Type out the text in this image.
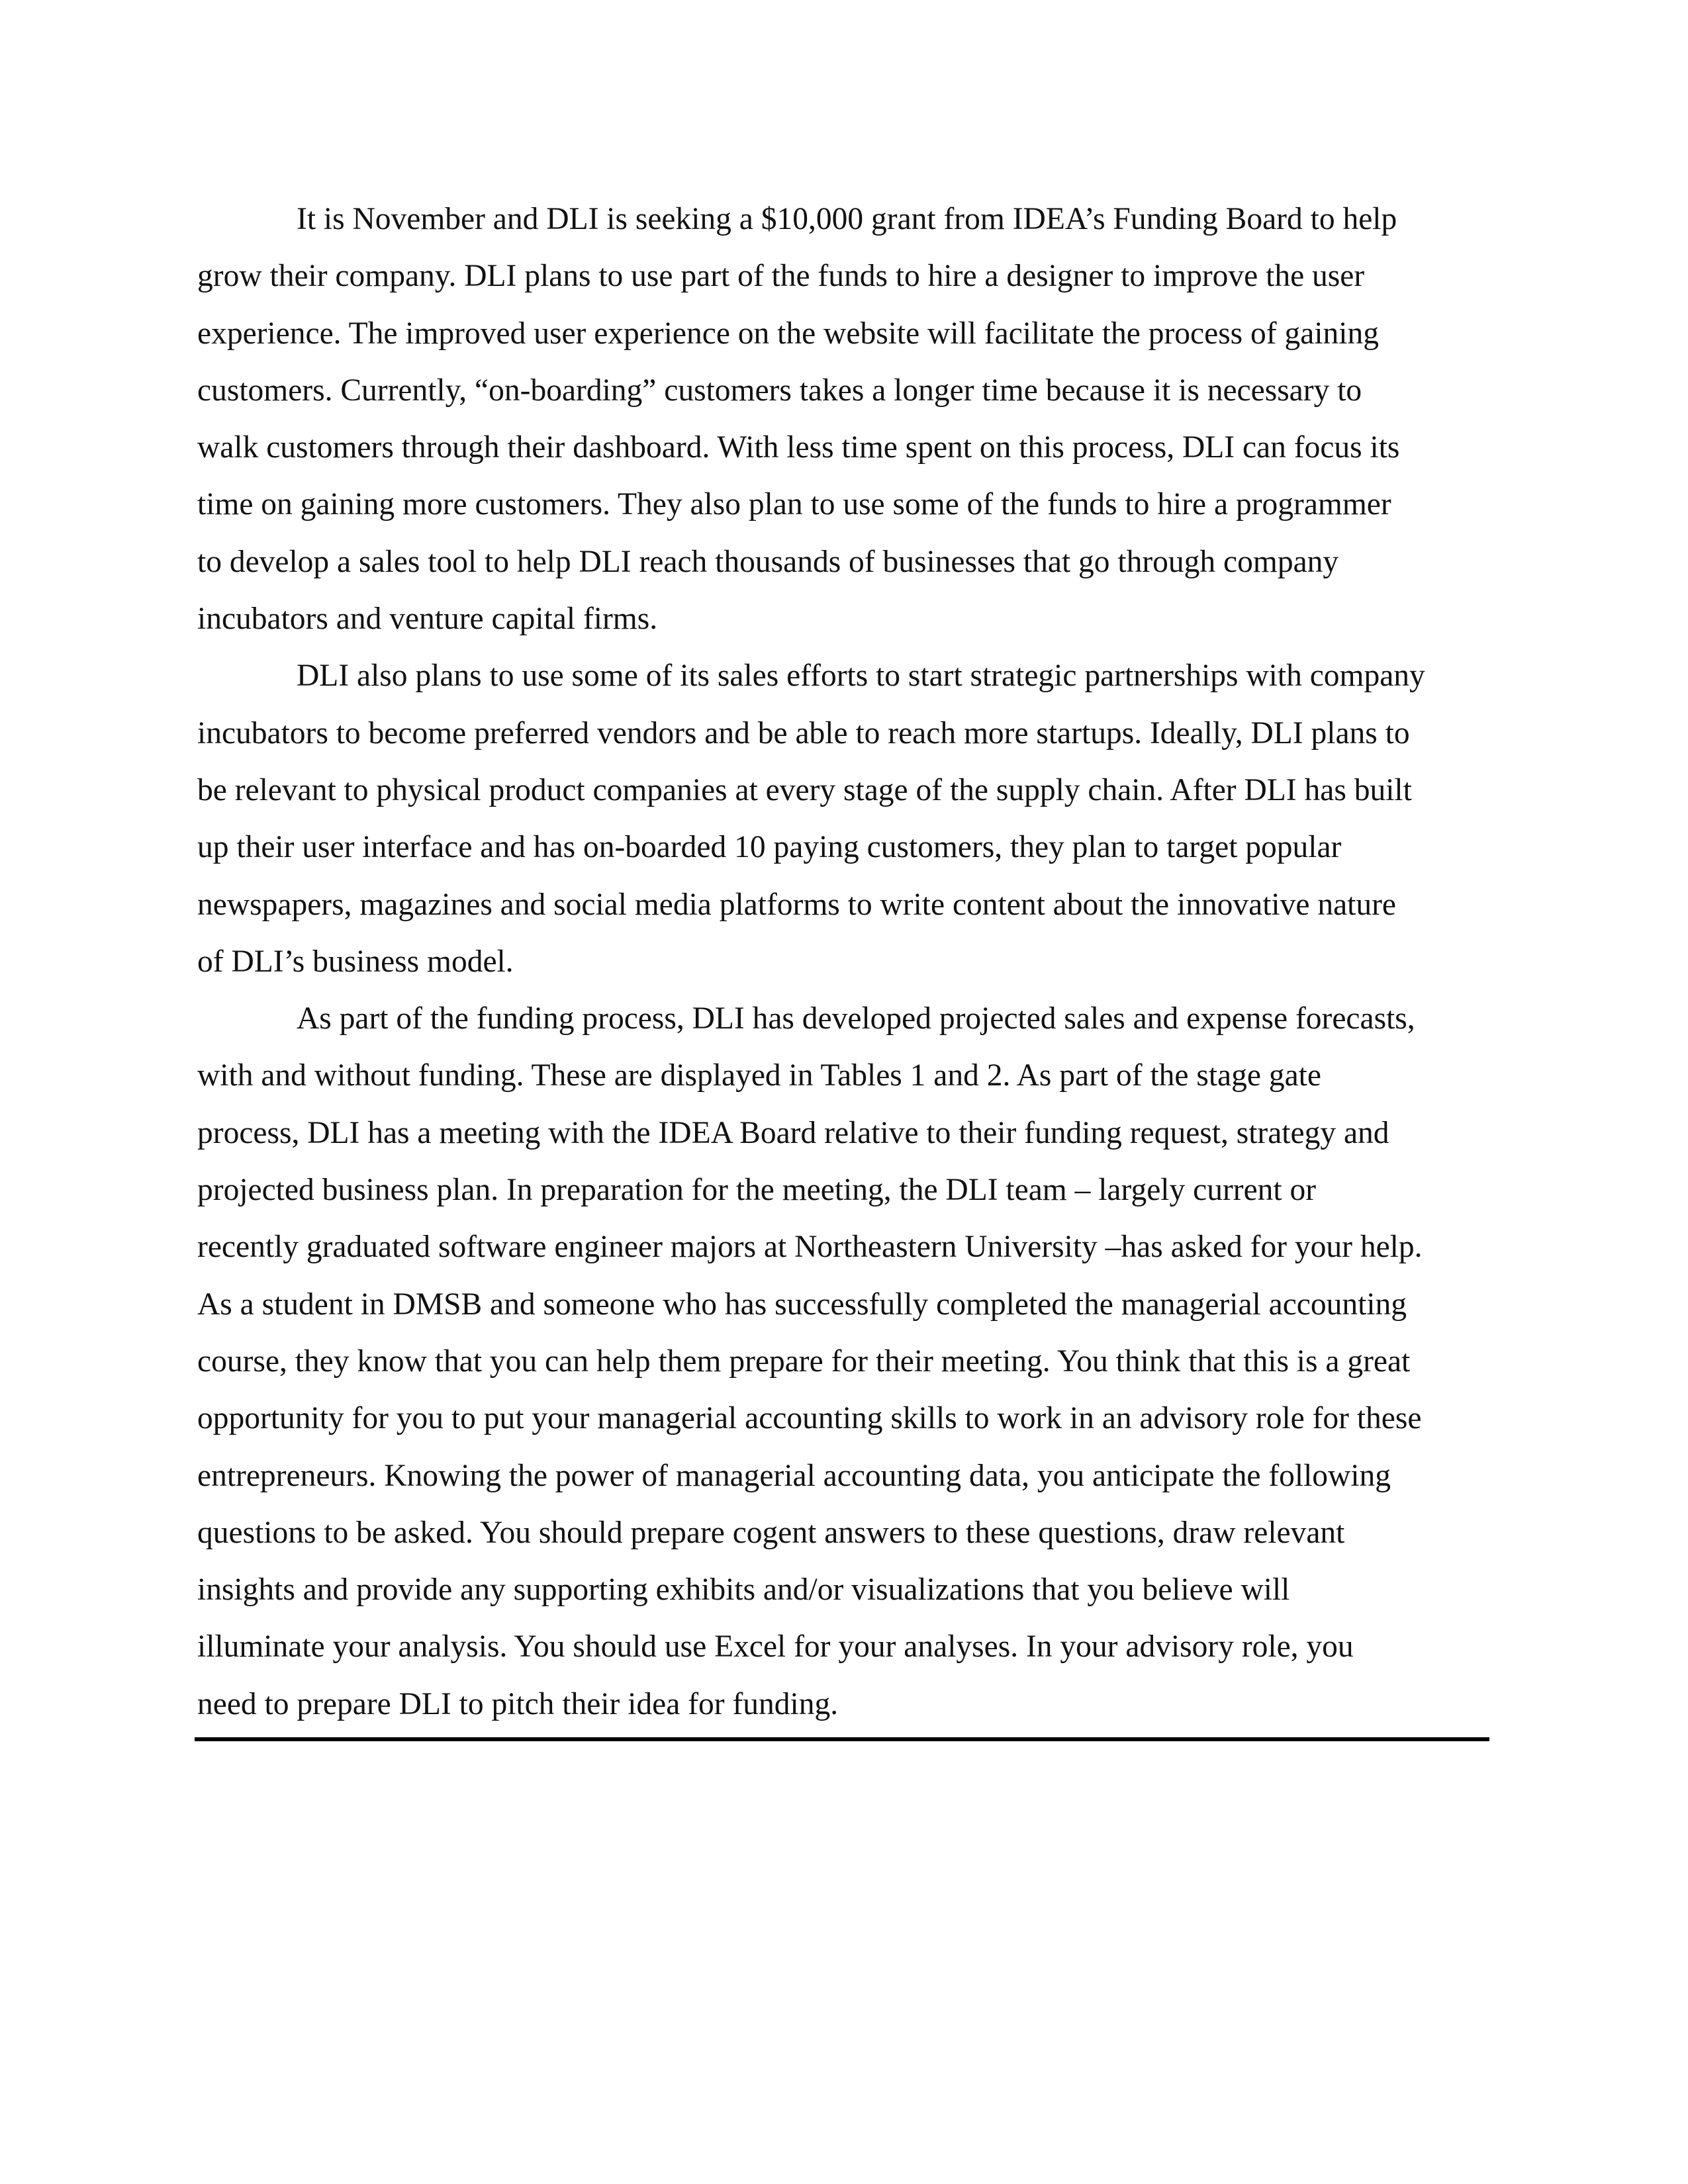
It is November and DLI is seeking a $10,000 grant from IDEA’s Funding Board to help
grow their company. DLI plans to use part of the funds to hire a designer to improve the user
experience. The improved user experience on the website will facilitate the process of gaining
customers. Currently, “on-boarding” customers takes a longer time because it is necessary to
walk customers through their dashboard. With less time spent on this process, DLI can focus its
time on gaining more customers. They also plan to use some of the funds to hire a programmer
to develop a sales tool to help DLI reach thousands of businesses that go through company
incubators and venture capital firms.
DLI also plans to use some of its sales efforts to start strategic partnerships with company
incubators to become preferred vendors and be able to reach more startups. Ideally, DLI plans to
be relevant to physical product companies at every stage of the supply chain. After DLI has built
up their user interface and has on-boarded 10 paying customers, they plan to target popular
newspapers, magazines and social media platforms to write content about the innovative nature
of DLI’s business model.
As part of the funding process, DLI has developed projected sales and expense forecasts,
with and without funding. These are displayed in Tables 1 and 2. As part of the stage gate
process, DLI has a meeting with the IDEA Board relative to their funding request, strategy and
projected business plan. In preparation for the meeting, the DLI team – largely current or
recently graduated software engineer majors at Northeastern University –has asked for your help.
As a student in DMSB and someone who has successfully completed the managerial accounting
course, they know that you can help them prepare for their meeting. You think that this is a great
opportunity for you to put your managerial accounting skills to work in an advisory role for these
entrepreneurs. Knowing the power of managerial accounting data, you anticipate the following
questions to be asked. You should prepare cogent answers to these questions, draw relevant
insights and provide any supporting exhibits and/or visualizations that you believe will
illuminate your analysis. You should use Excel for your analyses. In your advisory role, you
need to prepare DLI to pitch their idea for funding.
